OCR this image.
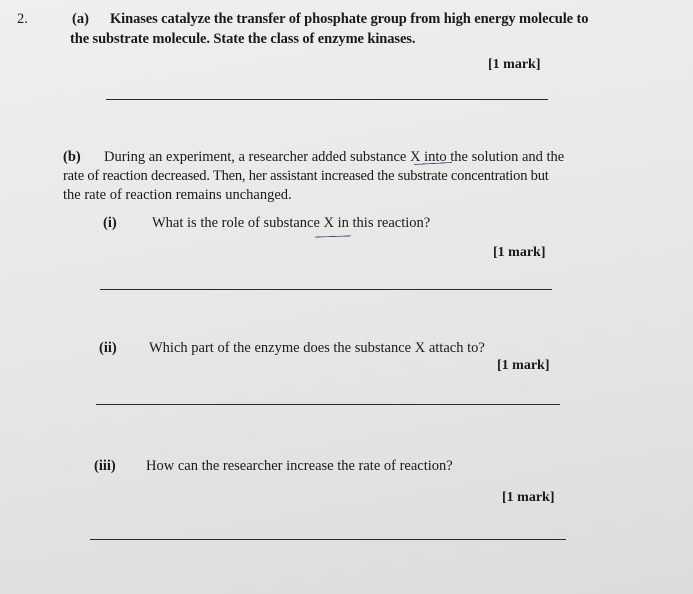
2.	(a) Kinases catalyze the transfer of phosphate group from high energy molecule to
the substrate molecule. State the class of enzyme kinases.
[1 mark]
(b) During an experiment, a researcher added substance X into the solution and the
rate of reaction decreased. Then, her assistant increased the substrate concentration but
the rate of reaction remains unchanged.
(i) What is the role of substance X in this reaction?
[1 mark]
(ii) Which part of the enzyme does the substance X attach to?
[1 mark]
(iii) How can the researcher increase the rate of reaction?
[1 mark]
